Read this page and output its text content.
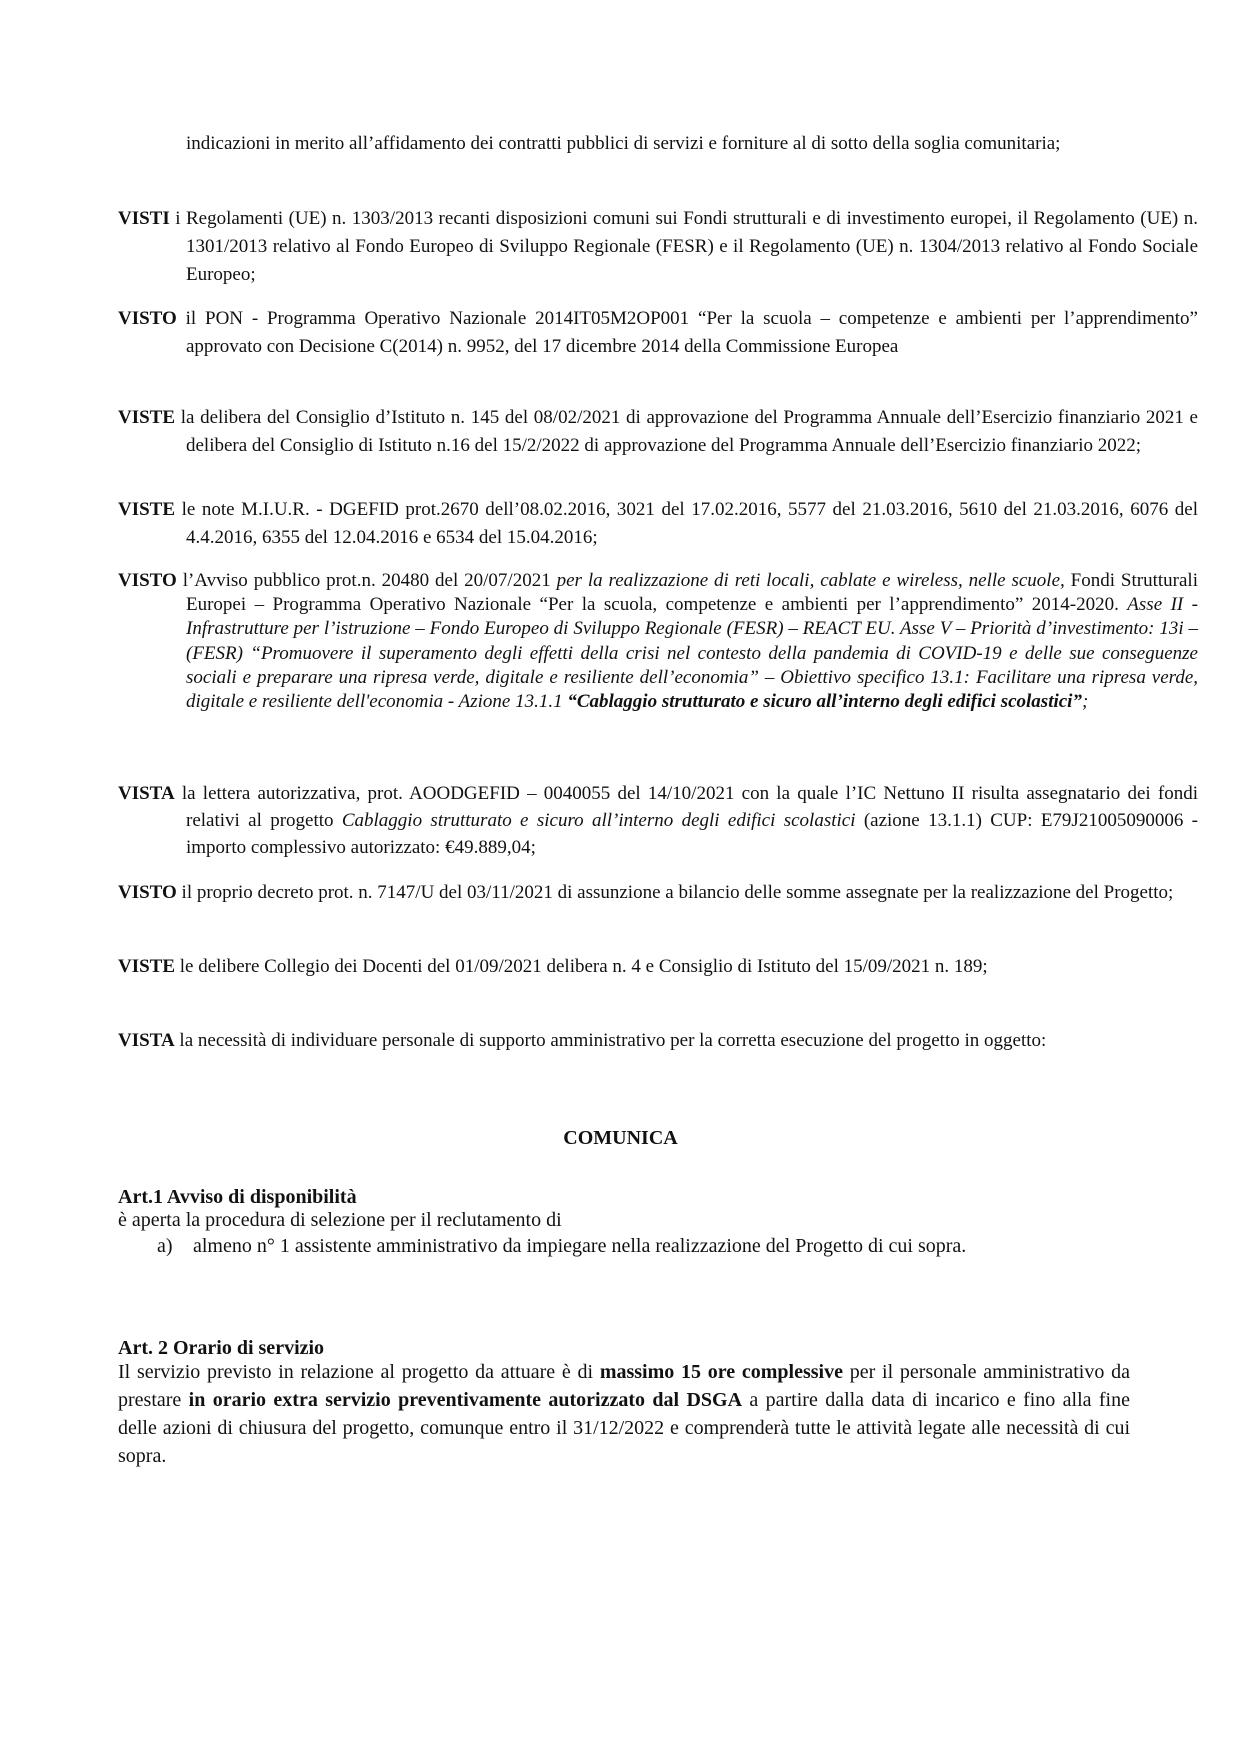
indicazioni in merito all’affidamento dei contratti pubblici di servizi e forniture al di sotto della soglia comunitaria;
VISTI i Regolamenti (UE) n. 1303/2013 recanti disposizioni comuni sui Fondi strutturali e di investimento europei, il Regolamento (UE) n. 1301/2013 relativo al Fondo Europeo di Sviluppo Regionale (FESR) e il Regolamento (UE) n. 1304/2013 relativo al Fondo Sociale Europeo;
VISTO il PON - Programma Operativo Nazionale 2014IT05M2OP001 “Per la scuola – competenze e ambienti per l’apprendimento” approvato con Decisione C(2014) n. 9952, del 17 dicembre 2014 della Commissione Europea
VISTE la delibera del Consiglio d’Istituto n. 145 del 08/02/2021 di approvazione del Programma Annuale dell’Esercizio finanziario 2021 e delibera del Consiglio di Istituto n.16 del 15/2/2022 di approvazione del Programma Annuale dell’Esercizio finanziario 2022;
VISTE le note M.I.U.R. - DGEFID prot.2670 dell’08.02.2016, 3021 del 17.02.2016, 5577 del 21.03.2016, 5610 del 21.03.2016, 6076 del 4.4.2016, 6355 del 12.04.2016 e 6534 del 15.04.2016;
VISTO l’Avviso pubblico prot.n. 20480 del 20/07/2021 per la realizzazione di reti locali, cablate e wireless, nelle scuole, Fondi Strutturali Europei – Programma Operativo Nazionale “Per la scuola, competenze e ambienti per l’apprendimento” 2014-2020. Asse II - Infrastrutture per l’istruzione – Fondo Europeo di Sviluppo Regionale (FESR) – REACT EU. Asse V – Priorità d’investimento: 13i – (FESR) “Promuovere il superamento degli effetti della crisi nel contesto della pandemia di COVID-19 e delle sue conseguenze sociali e preparare una ripresa verde, digitale e resiliente dell’economia” – Obiettivo specifico 13.1: Facilitare una ripresa verde, digitale e resiliente dell'economia - Azione 13.1.1 “Cablaggio strutturato e sicuro all’interno degli edifici scolastici”;
VISTA la lettera autorizzativa, prot. AOODGEFID – 0040055 del 14/10/2021 con la quale l’IC Nettuno II risulta assegnatario dei fondi relativi al progetto Cablaggio strutturato e sicuro all’interno degli edifici scolastici (azione 13.1.1) CUP: E79J21005090006 - importo complessivo autorizzato: €49.889,04;
VISTO il proprio decreto prot. n. 7147/U del 03/11/2021 di assunzione a bilancio delle somme assegnate per la realizzazione del Progetto;
VISTE le delibere Collegio dei Docenti del 01/09/2021 delibera n. 4 e Consiglio di Istituto del 15/09/2021 n. 189;
VISTA la necessità di individuare personale di supporto amministrativo per la corretta esecuzione del progetto in oggetto:
COMUNICA
Art.1 Avviso di disponibilità
è aperta la procedura di selezione per il reclutamento di
a) almeno n° 1 assistente amministrativo da impiegare nella realizzazione del Progetto di cui sopra.
Art. 2 Orario di servizio
Il servizio previsto in relazione al progetto da attuare è di massimo 15 ore complessive per il personale amministrativo da prestare in orario extra servizio preventivamente autorizzato dal DSGA a partire dalla data di incarico e fino alla fine delle azioni di chiusura del progetto, comunque entro il 31/12/2022 e comprenderà tutte le attività legate alle necessità di cui sopra.
